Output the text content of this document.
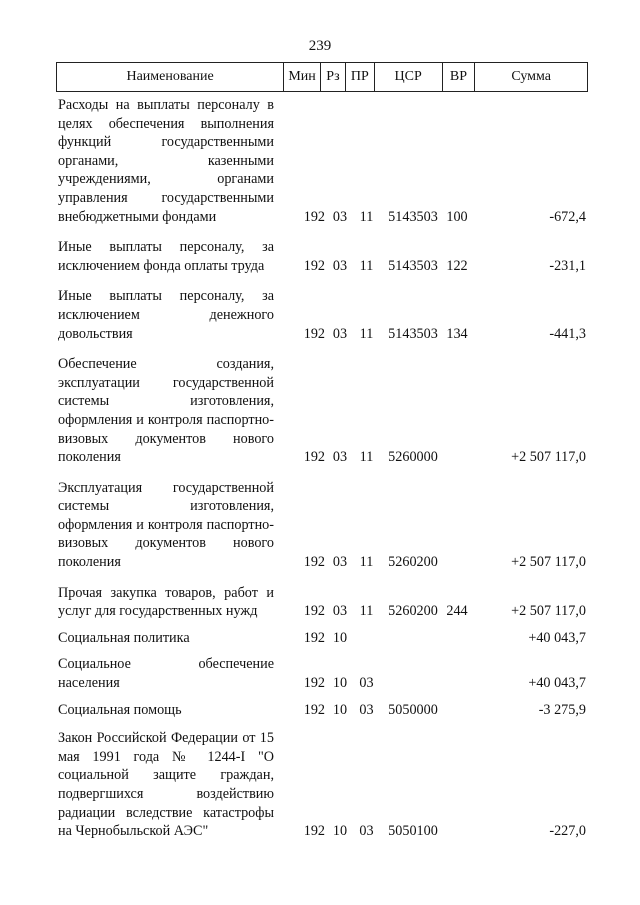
239
Наименование	Мин Рз ПР	ЦСР	ВР	Сумма
Расходы на выплаты персоналу в целях обеспечения выполнения функций государственными органами, казенными учреждениями, органами управления государственными внебюджетными фондами	192 03 11	5143503 100	-672,4
Иные выплаты персоналу, за исключением фонда оплаты труда	192 03 11	5143503 122	-231,1
Иные выплаты персоналу, за исключением денежного довольствия	192 03 11	5143503 134	-441,3
Обеспечение создания, эксплуатации государственной системы изготовления, оформления и контроля паспортно-визовых документов нового поколения	192 03 11	5260000	+2 507 117,0
Эксплуатация государственной системы изготовления, оформления и контроля паспортно-визовых документов нового поколения	192 03 11	5260200	+2 507 117,0
Прочая закупка товаров, работ и услуг для государственных нужд	192 03 11	5260200 244	+2 507 117,0
Социальная политика	192 10	+40 043,7
Социальное обеспечение населения	192 10 03	+40 043,7
Социальная помощь	192 10 03	5050000	-3 275,9
Закон Российской Федерации от 15 мая 1991 года № 1244-I "О социальной защите граждан, подвергшихся воздействию радиации вследствие катастрофы на Чернобыльской АЭС"	192 10 03	5050100	-227,0
